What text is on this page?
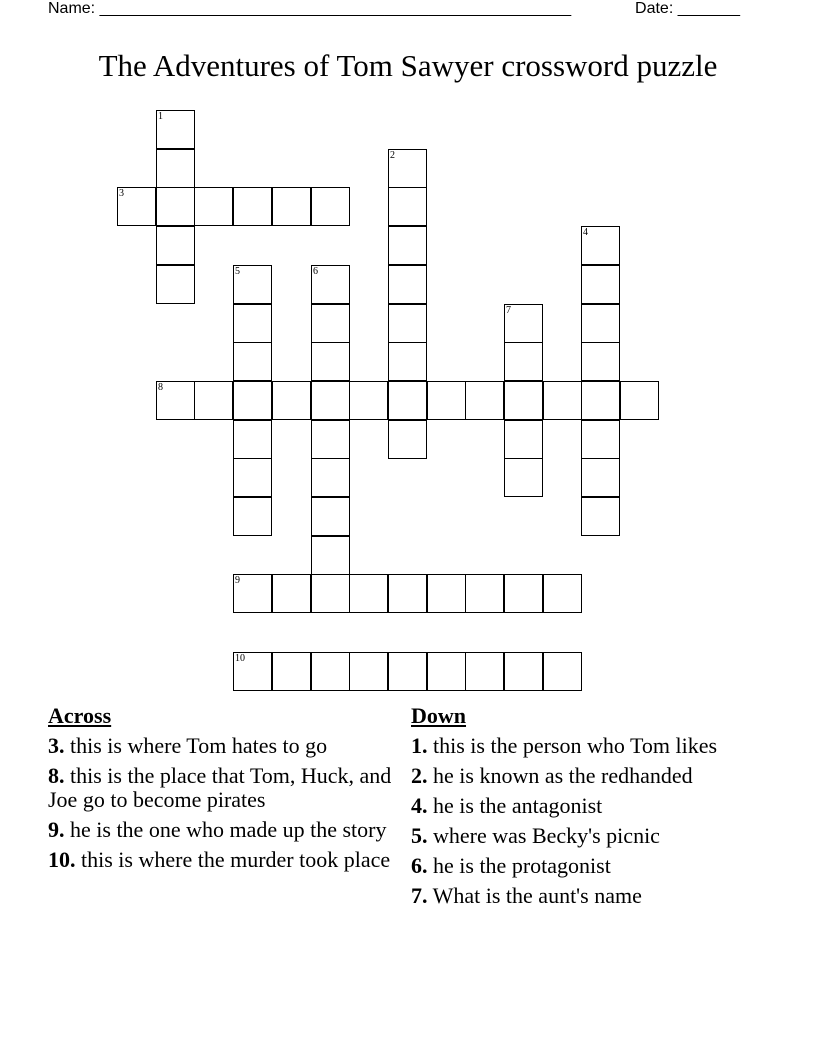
Name: _____________________________________________________	Date: _______
The Adventures of Tom Sawyer crossword puzzle
1
2
3
4
5	6
7
8
9
10
Across
3. this is where Tom hates to go
8. this is the place that Tom, Huck, and Joe go to become pirates
9. he is the one who made up the story
10. this is where the murder took place
Down
1. this is the person who Tom likes
2. he is known as the redhanded
4. he is the antagonist
5. where was Becky's picnic
6. he is the protagonist
7. What is the aunt's name
